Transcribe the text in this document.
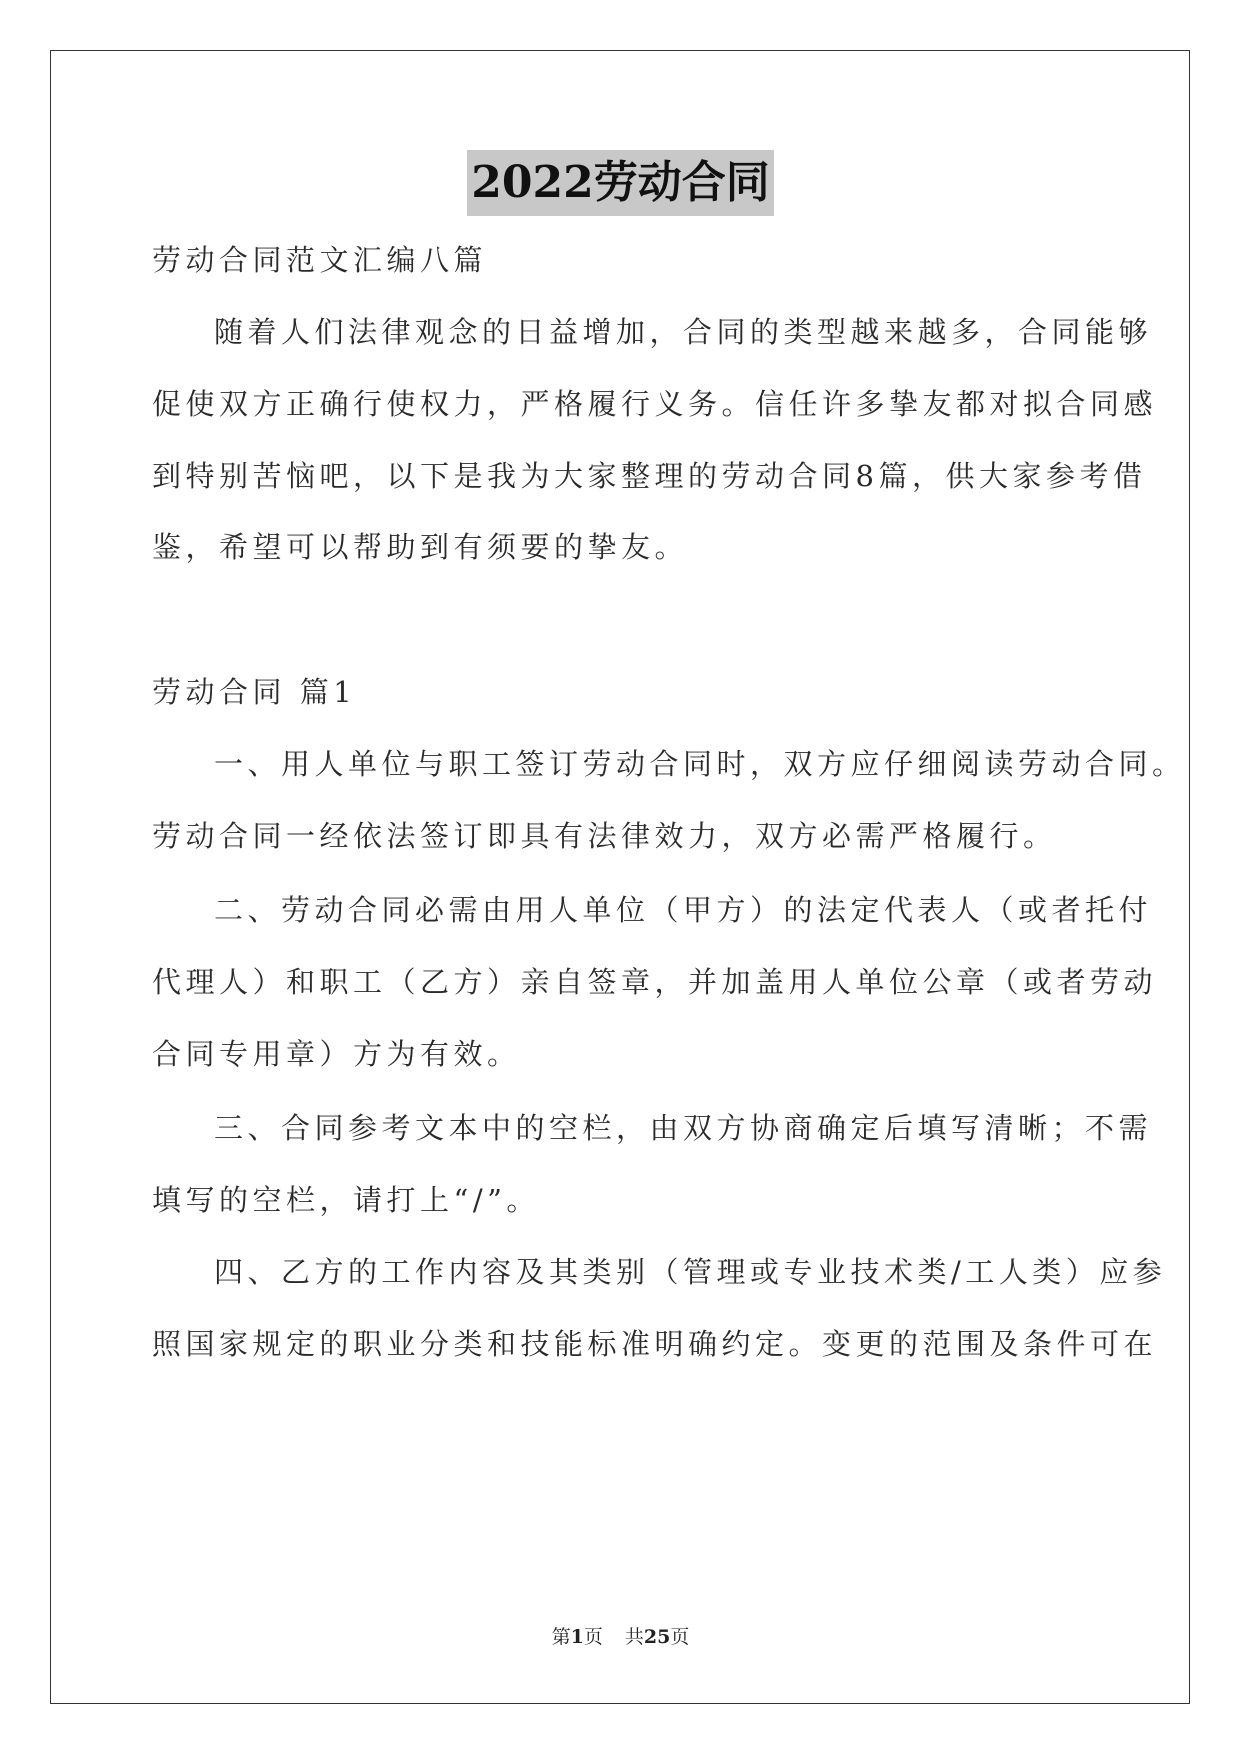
2022劳动合同
劳动合同范文汇编八篇
随着人们法律观念的日益增加，合同的类型越来越多，合同能够
促使双方正确行使权力，严格履行义务。信任许多挚友都对拟合同感
到特别苦恼吧，以下是我为大家整理的劳动合同8篇，供大家参考借
鉴，希望可以帮助到有须要的挚友。
劳动合同 篇1
一、用人单位与职工签订劳动合同时，双方应仔细阅读劳动合同。
劳动合同一经依法签订即具有法律效力，双方必需严格履行。
二、劳动合同必需由用人单位（甲方）的法定代表人（或者托付
代理人）和职工（乙方）亲自签章，并加盖用人单位公章（或者劳动
合同专用章）方为有效。
三、合同参考文本中的空栏，由双方协商确定后填写清晰；不需
填写的空栏，请打上“/”。
四、乙方的工作内容及其类别（管理或专业技术类/工人类）应参
照国家规定的职业分类和技能标准明确约定。变更的范围及条件可在
第1页 共25页
